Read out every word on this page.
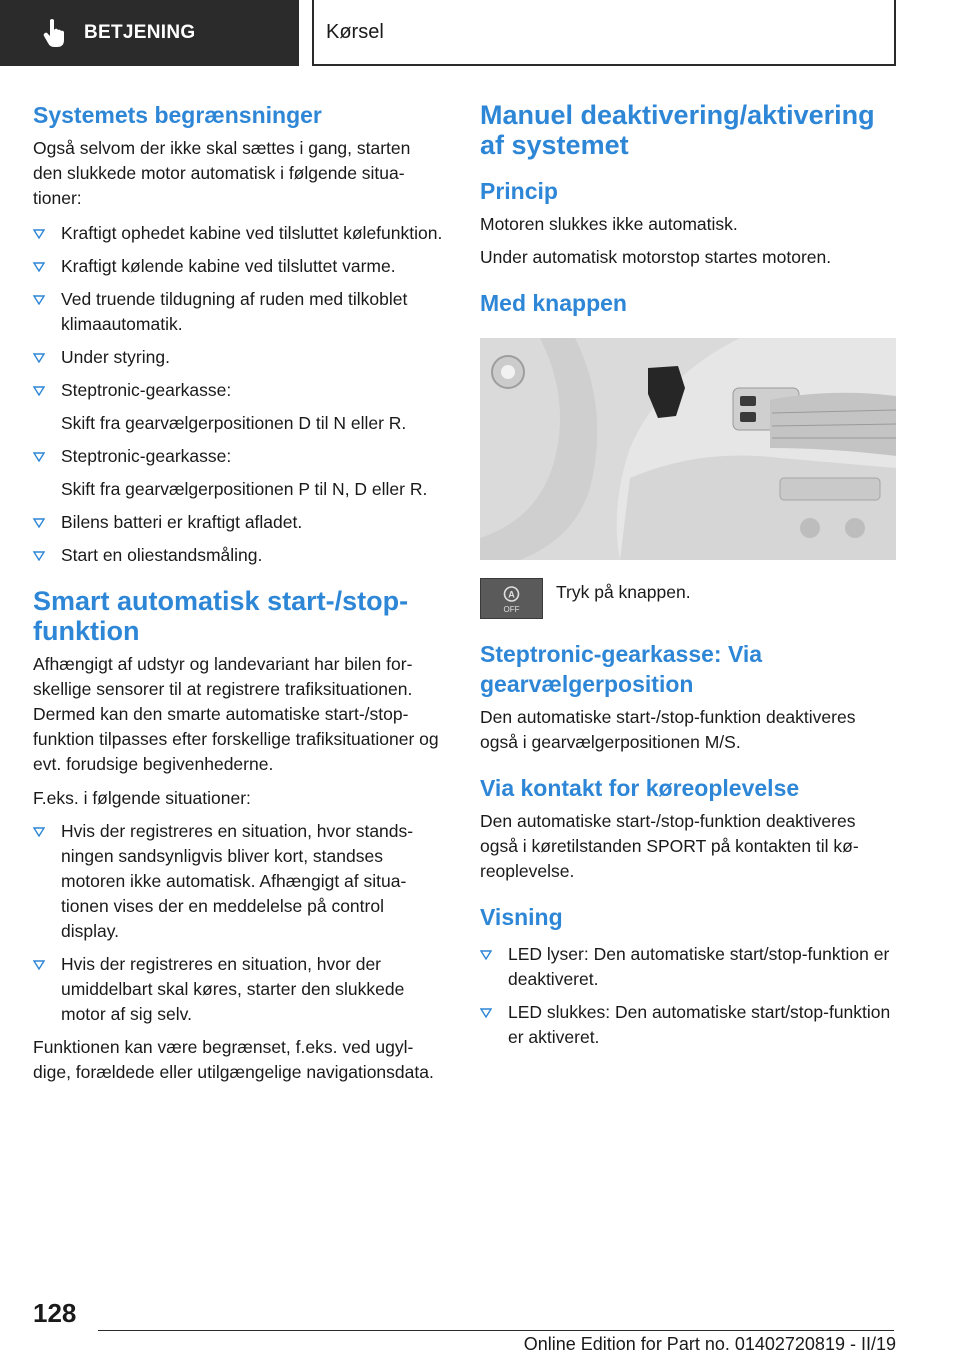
BETJENING	Kørsel
Systemets begrænsninger

Også selvom der ikke skal sættes i gang, starten den slukkede motor automatisk i følgende situationer:

Kraftigt ophedet kabine ved tilsluttet kølefunktion.
Kraftigt kølende kabine ved tilsluttet varme.
Ved truende tildugning af ruden med tilkoblet klimaautomatik.
Under styring.
Steptronic-gearkasse:
Skift fra gearvælgerpositionen D til N eller R.
Steptronic-gearkasse:
Skift fra gearvælgerpositionen P til N, D eller R.
Bilens batteri er kraftigt afladet.
Start en oliestandsmåling.
Smart automatisk start-/stop-funktion

Afhængigt af udstyr og landevariant har bilen forskellige sensorer til at registrere trafiksituationen. Dermed kan den smarte automatiske start-/stop-funktion tilpasses efter forskellige trafiksituationer og evt. forudsige begivenhederne.

F.eks. i følgende situationer:

Hvis der registreres en situation, hvor standsningen sandsynligvis bliver kort, standses motoren ikke automatisk. Afhængigt af situationen vises der en meddelelse på control display.
Hvis der registreres en situation, hvor der umiddelbart skal køres, starter den slukkede motor af sig selv.

Funktionen kan være begrænset, f.eks. ved ugyldige, forældede eller utilgængelige navigationsdata.

Manuel deaktivering/aktivering af systemet
Princip

Motoren slukkes ikke automatisk.

Under automatisk motorstop startes motoren.

Med knappen
A
OFF

Tryk på knappen.

Steptronic-gearkasse: Via gearvælgerposition

Den automatiske start-/stop-funktion deaktiveres også i gearvælgerpositionen M/S.

Via kontakt for køreoplevelse

Den automatiske start-/stop-funktion deaktiveres også i køretilstanden SPORT på kontakten til køreoplevelse.

Visning
LED lyser: Den automatiske start/stop-funktion er deaktiveret.
LED slukkes: Den automatiske start/stop-funktion er aktiveret.
128
Online Edition for Part no. 01402720819 - II/19
